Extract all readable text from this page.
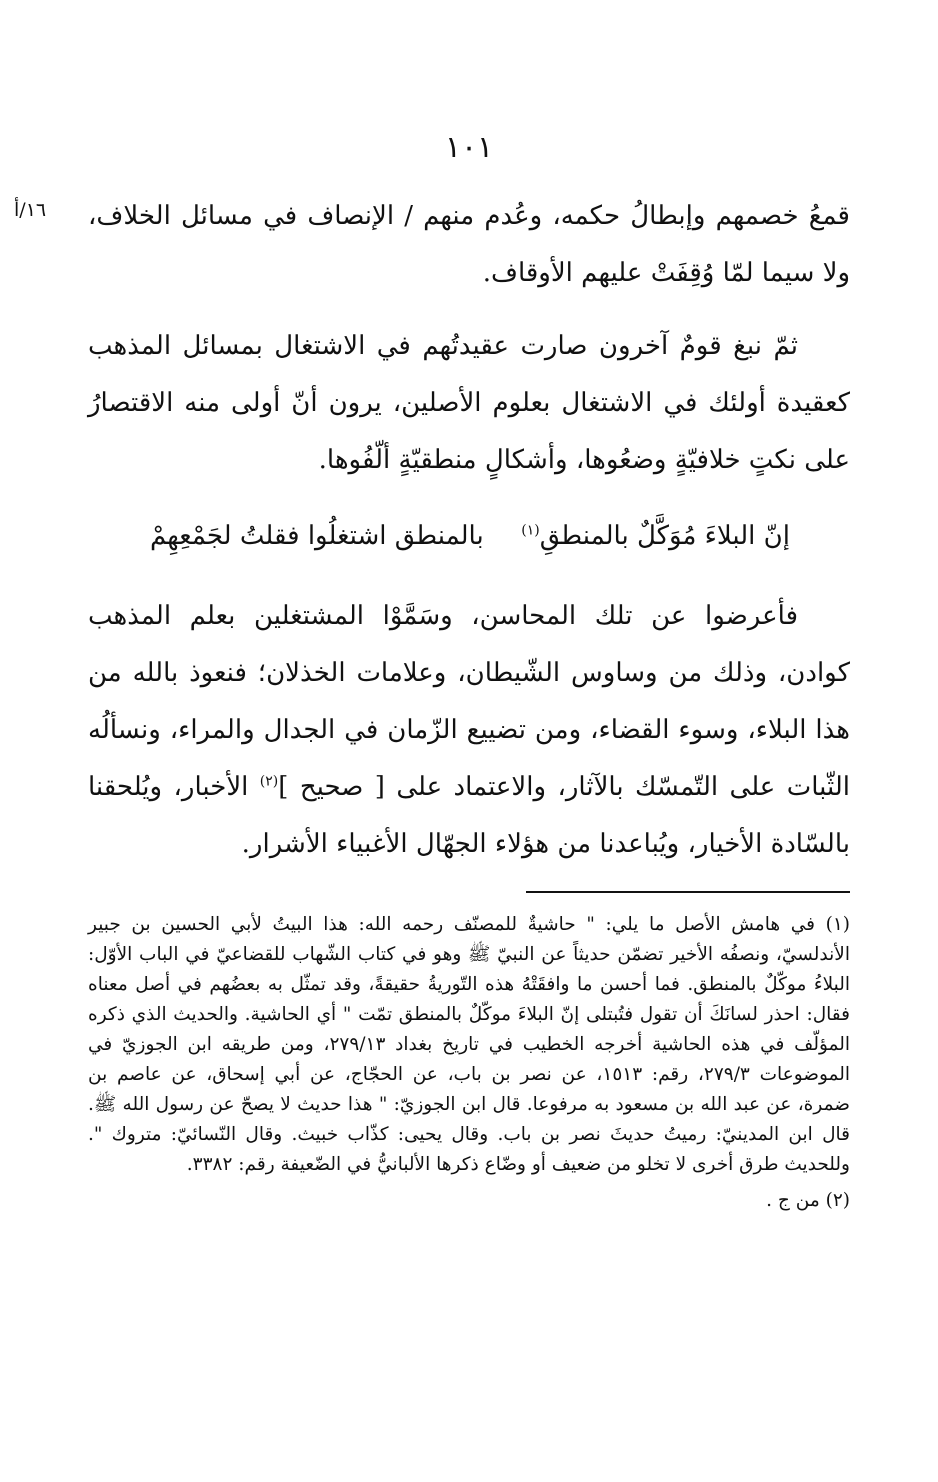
١٠١
١٦/أ	قمعُ خصمهم وإبطالُ حكمه، وعُدم منهم / الإنصاف في مسائل الخلاف، ولا سيما لمّا وُقِفَتْ عليهم الأوقاف.

ثمّ نبغ قومٌ آخرون صارت عقيدتُهم في الاشتغال بمسائل المذهب كعقيدة أولئك في الاشتغال بعلوم الأصلين، يرون أنّ أولى منه الاقتصارُ على نكتٍ خلافيّةٍ وضعُوها، وأشكالٍ منطقيّةٍ ألّفُوها.

إنّ البلاءَ مُوَكَّلٌ بالمنطقِ$^{(١)}$
بالمنطق اشتغلُوا فقلتُ لجَمْعِهِمْ

فأعرضوا عن تلك المحاسن، وسَمَّوْا المشتغلين بعلم المذهب كوادن، وذلك من وساوس الشّيطان، وعلامات الخذلان؛ فنعوذ بالله من هذا البلاء، وسوء القضاء، ومن تضييع الزّمان في الجدال والمراء، ونسألُه الثّبات على التّمسّك بالآثار، والاعتماد على [ صحيح ]$^{(٢)}$ الأخبار، ويُلحقنا بالسّادة الأخيار، ويُباعدنا من هؤلاء الجهّال الأغبياء الأشرار.

(١) في هامش الأصل ما يلي: " حاشيةٌ للمصنّف رحمه الله: هذا البيتُ لأبي الحسين بن جبير الأندلسيّ، ونصفُه الأخير تضمّن حديثاً عن النبيّ ﷺ وهو في كتاب الشّهاب للقضاعيّ في الباب الأوّل: البلاءُ موكّلٌ بالمنطق. فما أحسن ما وافقَتْهُ هذه التّوريةُ حقيقةً، وقد تمثّل به بعضُهم في أصل معناه فقال: احذر لسانَكَ أن تقول فتُبتلى إنّ البلاءَ موكّلٌ بالمنطق تمّت " أي الحاشية. والحديث الذي ذكره المؤلّف في هذه الحاشية أخرجه الخطيب في تاريخ بغداد ٢٧٩/١٣، ومن طريقه ابن الجوزيّ في الموضوعات ٢٧٩/٣، رقم: ١٥١٣، عن نصر بن باب، عن الحجّاج، عن أبي إسحاق، عن عاصم بن ضمرة، عن عبد الله بن مسعود به مرفوعا. قال ابن الجوزيّ: " هذا حديث لا يصحّ عن رسول الله ﷺ. قال ابن المدينيّ: رميتُ حديثَ نصر بن باب. وقال يحيى: كذّاب خبيث. وقال النّسائيّ: متروك ". وللحديث طرق أخرى لا تخلو من ضعيف أو وضّاع ذكرها الألبانيُّ في الضّعيفة رقم: ٣٣٨٢.

(٢) من ج .
